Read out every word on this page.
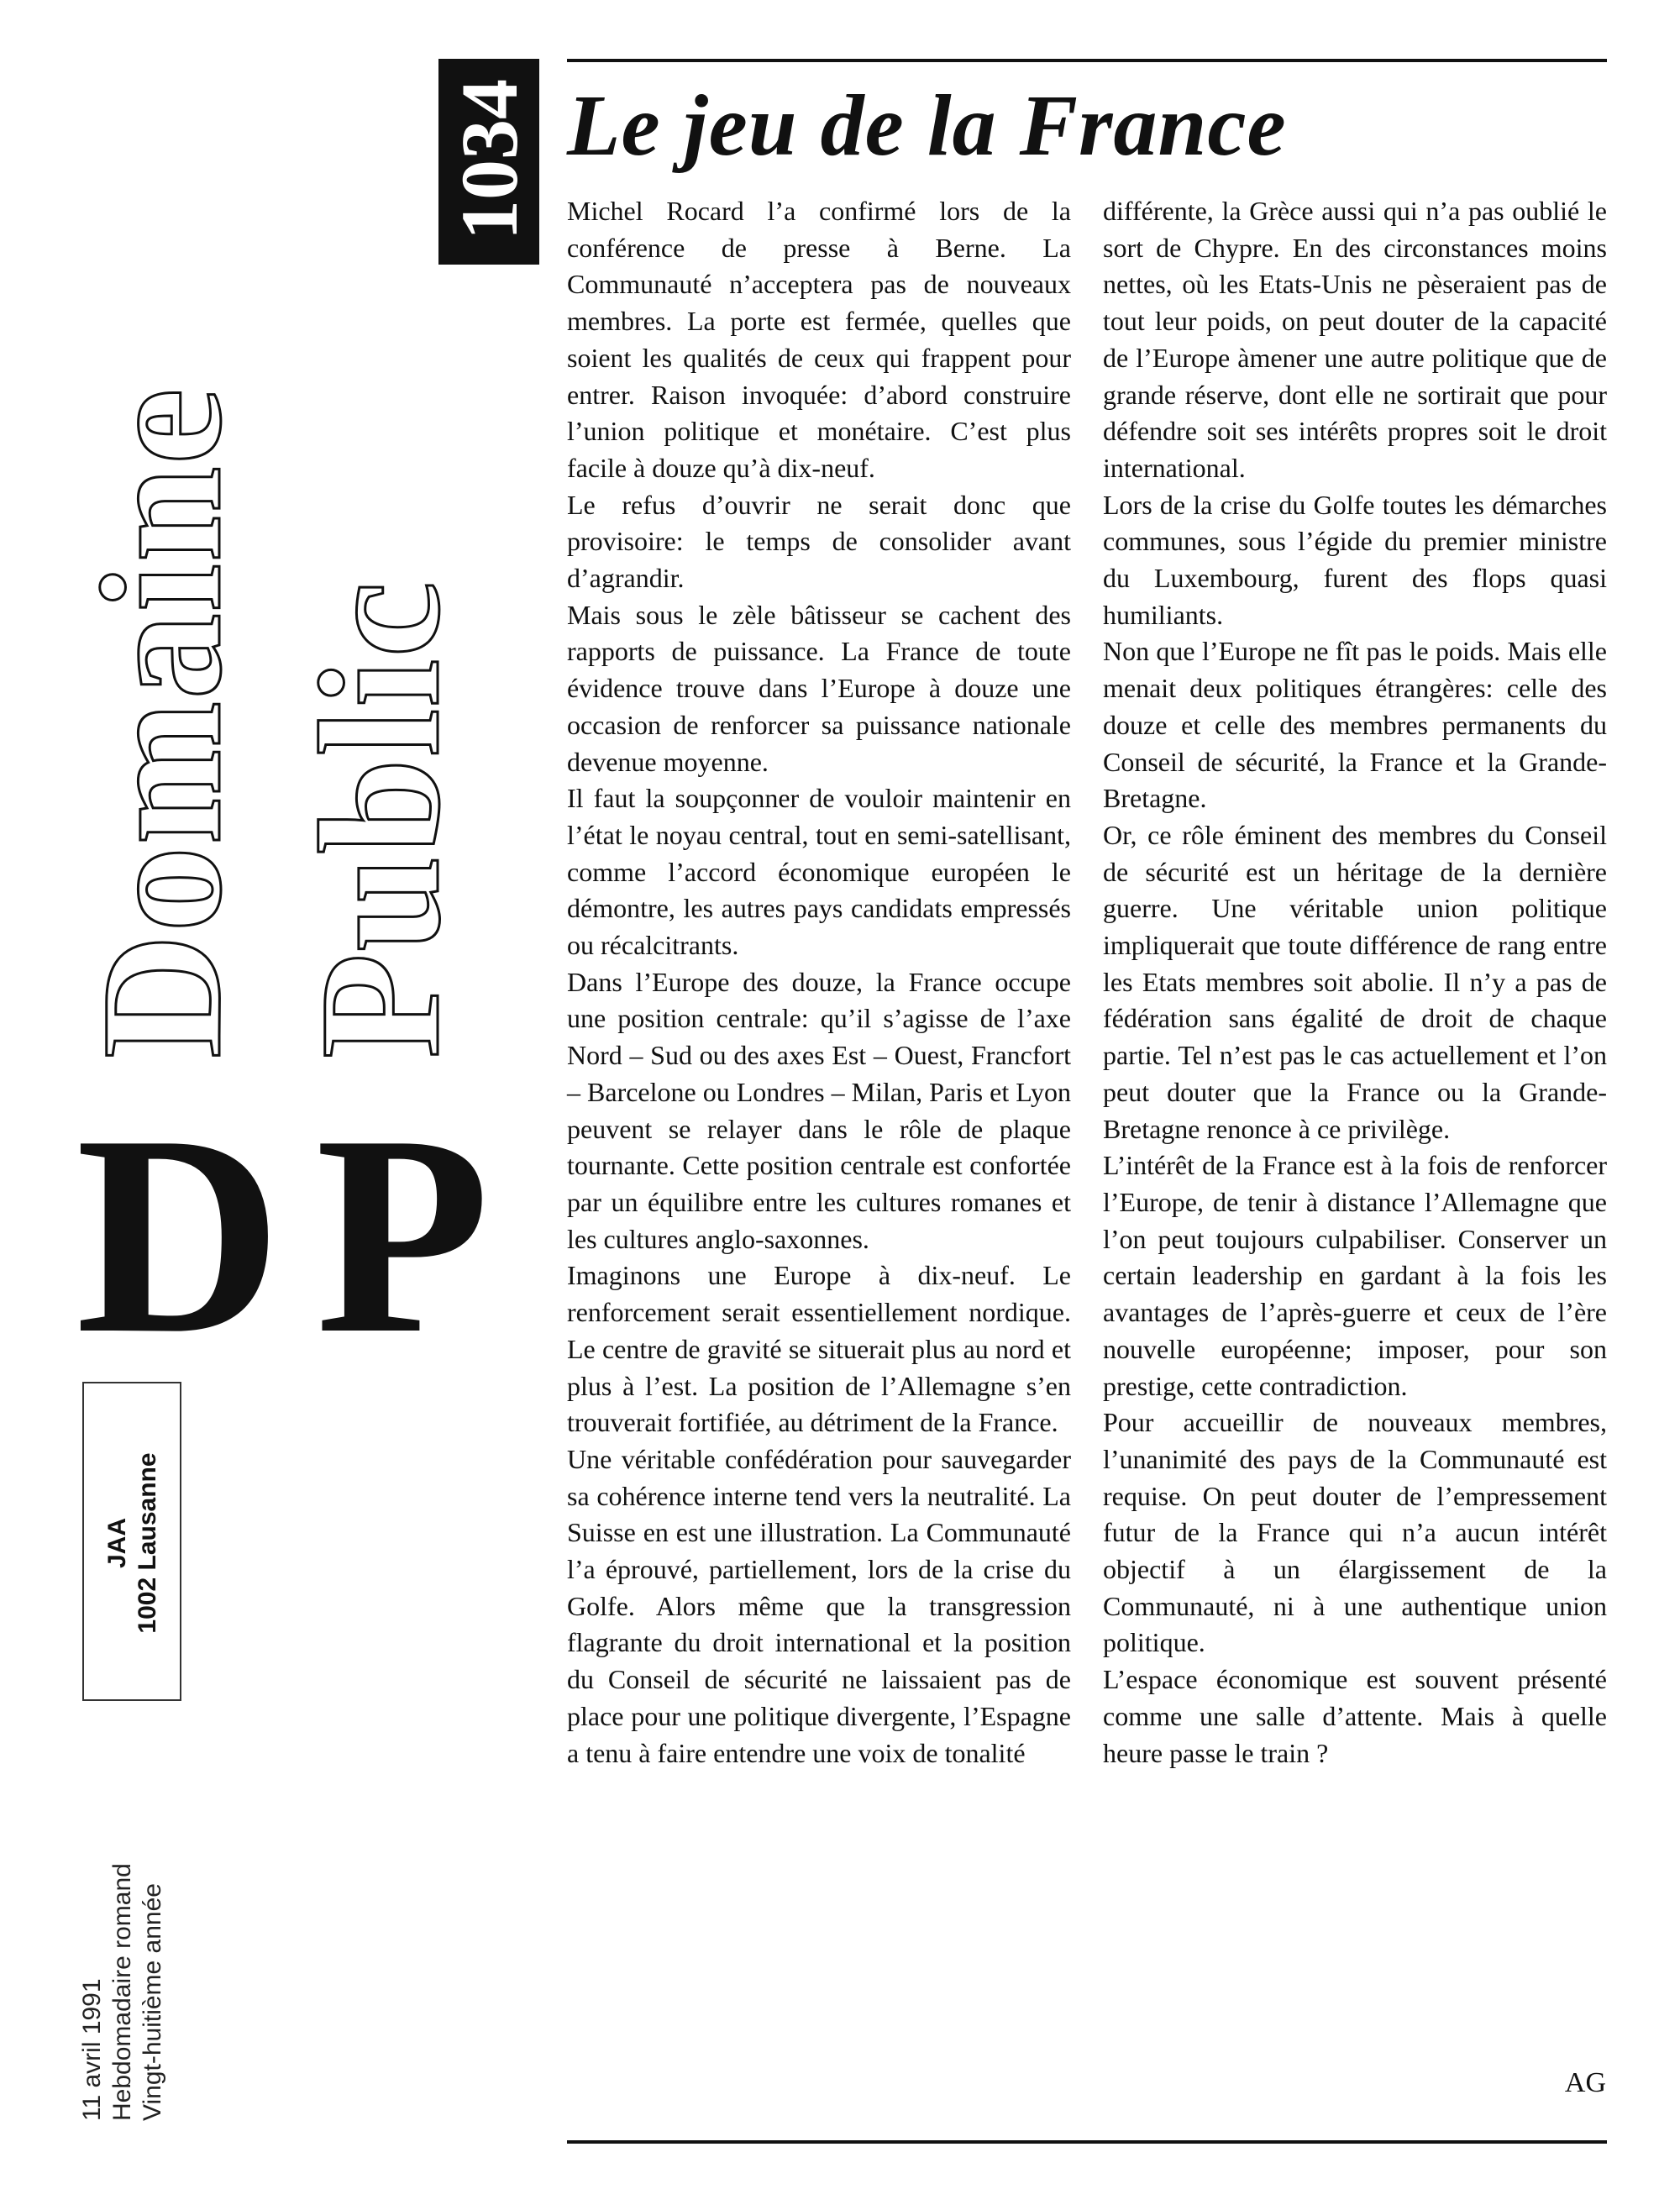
Domaine Public
1034
DP
JAA 1002 Lausanne
11 avril 1991 Hebdomadaire romand Vingt-huitième année
Le jeu de la France

Michel Rocard l’a confirmé lors de la conférence de presse à Berne. La Communauté n’acceptera pas de nouveaux membres. La porte est fermée, quelles que soient les qualités de ceux qui frappent pour entrer. Raison invoquée: d’abord construire l’union politique et monétaire. C’est plus facile à douze qu’à dix-neuf.

Le refus d’ouvrir ne serait donc que provisoire: le temps de consolider avant d’agrandir.

Mais sous le zèle bâtisseur se cachent des rapports de puissance. La France de toute évidence trouve dans l’Europe à douze une occasion de renforcer sa puissance nationale devenue moyenne.

Il faut la soupçonner de vouloir maintenir en l’état le noyau central, tout en semi-satellisant, comme l’accord économique européen le démontre, les autres pays candidats empressés ou récalcitrants.

Dans l’Europe des douze, la France occupe une position centrale: qu’il s’agisse de l’axe Nord – Sud ou des axes Est – Ouest, Francfort – Barcelone ou Londres – Milan, Paris et Lyon peuvent se relayer dans le rôle de plaque tournante. Cette position centrale est confortée par un équilibre entre les cultures romanes et les cultures anglo-saxonnes.

Imaginons une Europe à dix-neuf. Le renforcement serait essentiellement nordique. Le centre de gravité se situerait plus au nord et plus à l’est. La position de l’Allemagne s’en trouverait fortifiée, au détriment de la France.

Une véritable confédération pour sauvegarder sa cohérence interne tend vers la neutralité. La Suisse en est une illustration. La Communauté l’a éprouvé, partiellement, lors de la crise du Golfe. Alors même que la transgression flagrante du droit international et la position du Conseil de sécurité ne laissaient pas de place pour une politique divergente, l’Espagne a tenu à faire entendre une voix de tonalité

différente, la Grèce aussi qui n’a pas oublié le sort de Chypre. En des circonstances moins nettes, où les Etats-Unis ne pèseraient pas de tout leur poids, on peut douter de la capacité de l’Europe àmener une autre politique que de grande réserve, dont elle ne sortirait que pour défendre soit ses intérêts propres soit le droit international.

Lors de la crise du Golfe toutes les démarches communes, sous l’égide du premier ministre du Luxembourg, furent des flops quasi humiliants.

Non que l’Europe ne fît pas le poids. Mais elle menait deux politiques étrangères: celle des douze et celle des membres permanents du Conseil de sécurité, la France et la Grande-Bretagne.

Or, ce rôle éminent des membres du Conseil de sécurité est un héritage de la dernière guerre. Une véritable union politique impliquerait que toute différence de rang entre les Etats membres soit abolie. Il n’y a pas de fédération sans égalité de droit de chaque partie. Tel n’est pas le cas actuellement et l’on peut douter que la France ou la Grande-Bretagne renonce à ce privilège.

L’intérêt de la France est à la fois de renforcer l’Europe, de tenir à distance l’Allemagne que l’on peut toujours culpabiliser. Conserver un certain leadership en gardant à la fois les avantages de l’après-guerre et ceux de l’ère nouvelle européenne; imposer, pour son prestige, cette contradiction.

Pour accueillir de nouveaux membres, l’unanimité des pays de la Communauté est requise. On peut douter de l’empressement futur de la France qui n’a aucun intérêt objectif à un élargissement de la Communauté, ni à une authentique union politique.

L’espace économique est souvent présenté comme une salle d’attente. Mais à quelle heure passe le train ?

AG
